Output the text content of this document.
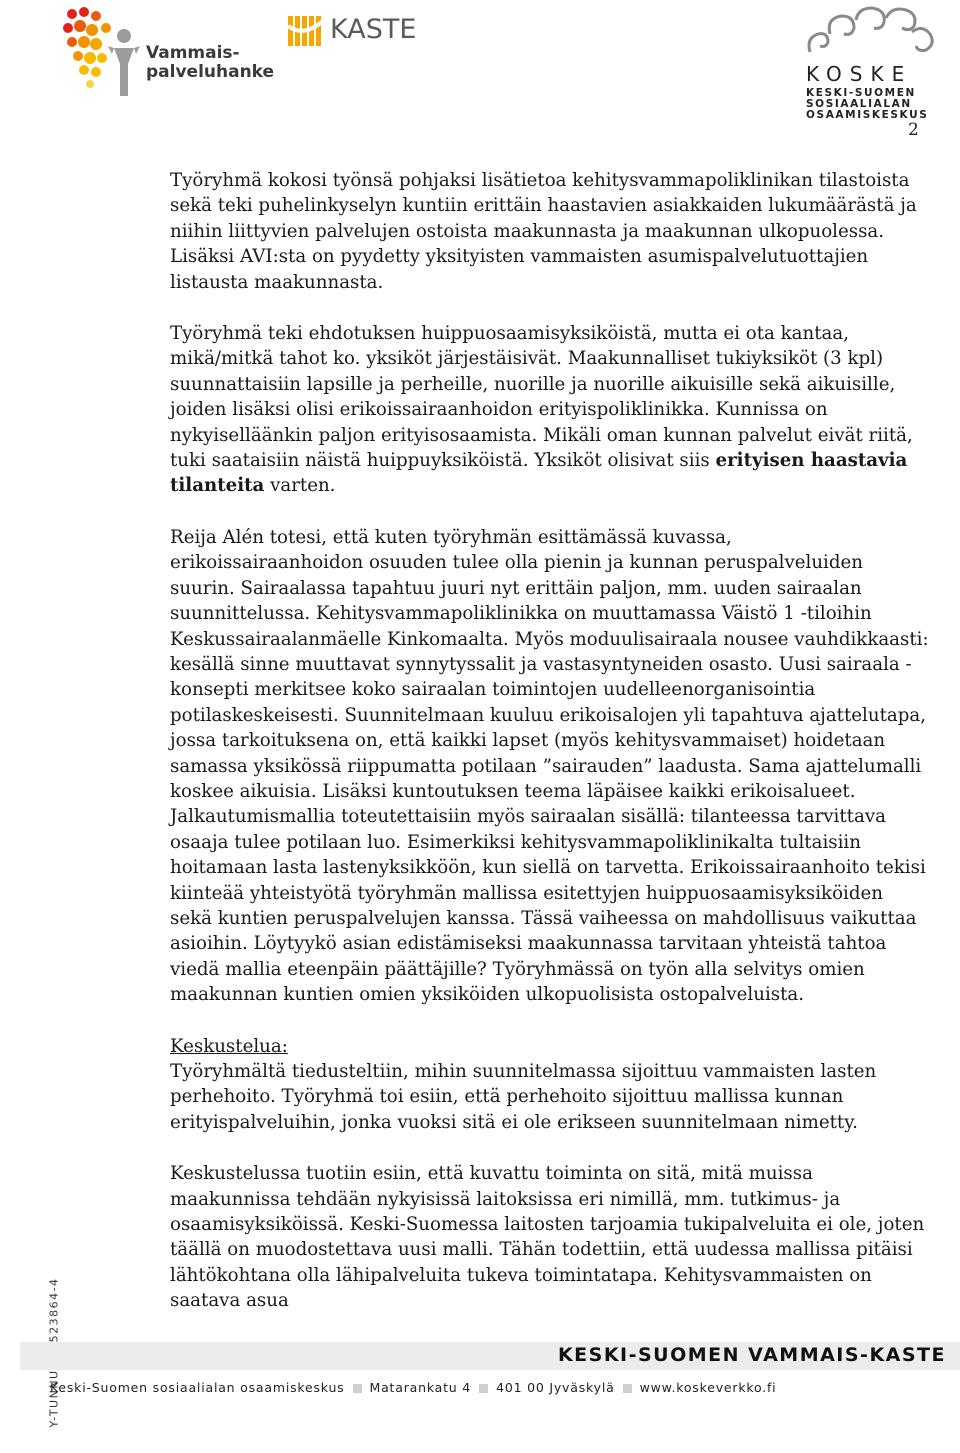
Vammais-
palveluhanke
KASTE
KOSKE
KESKI-SUOMEN
SOSIAALIALAN
OSAAMISKESKUS
2

Työryhmä kokosi työnsä pohjaksi lisätietoa kehitysvammapoliklinikan tilastoista sekä teki puhelinkyselyn kuntiin erittäin haastavien asiakkaiden lukumäärästä ja niihin liittyvien palvelujen ostoista maakunnasta ja maakunnan ulkopuolessa. Lisäksi AVI:sta on pyydetty yksityisten vammaisten asumispalvelutuottajien listausta maakunnasta.

Työryhmä teki ehdotuksen huippuosaamisyksiköistä, mutta ei ota kantaa, mikä/mitkä tahot ko. yksiköt järjestäisivät. Maakunnalliset tukiyksiköt (3 kpl) suunnattaisiin lapsille ja perheille, nuorille ja nuorille aikuisille sekä aikuisille, joiden lisäksi olisi erikoissairaanhoidon erityispoliklinikka. Kunnissa on nykyiselläänkin paljon erityisosaamista. Mikäli oman kunnan palvelut eivät riitä, tuki saataisiin näistä huippuyksiköistä. Yksiköt olisivat siis erityisen haastavia tilanteita varten.

Reija Alén totesi, että kuten työryhmän esittämässä kuvassa, erikoissairaanhoidon osuuden tulee olla pienin ja kunnan peruspalveluiden suurin. Sairaalassa tapahtuu juuri nyt erittäin paljon, mm. uuden sairaalan suunnittelussa. Kehitysvammapoliklinikka on muuttamassa Väistö 1 -tiloihin Keskussairaalanmäelle Kinkomaalta. Myös moduulisairaala nousee vauhdikkaasti: kesällä sinne muuttavat synnytyssalit ja vastasyntyneiden osasto. Uusi sairaala -konsepti merkitsee koko sairaalan toimintojen uudelleenorganisointia potilaskeskeisesti. Suunnitelmaan kuuluu erikoisalojen yli tapahtuva ajattelutapa, jossa tarkoituksena on, että kaikki lapset (myös kehitysvammaiset) hoidetaan samassa yksikössä riippumatta potilaan ”sairauden” laadusta. Sama ajattelumalli koskee aikuisia. Lisäksi kuntoutuksen teema läpäisee kaikki erikoisalueet. Jalkautumismallia toteutettaisiin myös sairaalan sisällä: tilanteessa tarvittava osaaja tulee potilaan luo. Esimerkiksi kehitysvammapoliklinikalta tultaisiin hoitamaan lasta lastenyksikköön, kun siellä on tarvetta. Erikoissairaanhoito tekisi kiinteää yhteistyötä työryhmän mallissa esitettyjen huippuosaamisyksiköiden sekä kuntien peruspalvelujen kanssa. Tässä vaiheessa on mahdollisuus vaikuttaa asioihin. Löytyykö asian edistämiseksi maakunnassa tarvitaan yhteistä tahtoa viedä mallia eteenpäin päättäjille? Työryhmässä on työn alla selvitys omien maakunnan kuntien omien yksiköiden ulkopuolisista ostopalveluista.

Keskustelua:

Työryhmältä tiedusteltiin, mihin suunnitelmassa sijoittuu vammaisten lasten perhehoito. Työryhmä toi esiin, että perhehoito sijoittuu mallissa kunnan erityispalveluihin, jonka vuoksi sitä ei ole erikseen suunnitelmaan nimetty.

Keskustelussa tuotiin esiin, että kuvattu toiminta on sitä, mitä muissa maakunnissa tehdään nykyisissä laitoksissa eri nimillä, mm. tutkimus- ja osaamisyksiköissä. Keski-Suomessa laitosten tarjoamia tukipalveluita ei ole, joten täällä on muodostettava uusi malli. Tähän todettiin, että uudessa mallissa pitäisi lähtökohtana olla lähipalveluita tukeva toimintatapa. Kehitysvammaisten on saatava asua

KESKI-SUOMEN VAMMAIS-KASTE
Keski-Suomen sosiaalialan osaamiskeskus Matarankatu 4 401 00 Jyväskylä www.koskeverkko.fi
